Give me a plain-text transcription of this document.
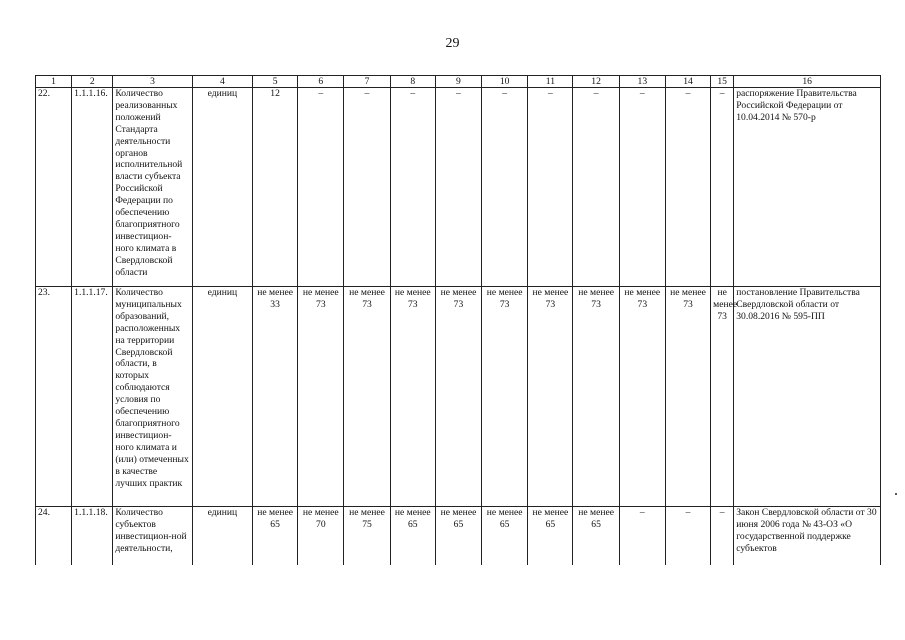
29
1	2	3	4	5	6	7	8	9	10	11	12	13	14	15	16
22.	1.1.1.16.	Количество реализованных положений Стандарта деятельности органов исполнительной власти субъекта Российской Федерации по обеспечению благоприятного инвестицион-ного климата в Свердловской области	единиц	12	–	–	–	–	–	–	–	–	–	–	распоряжение Правительства Российской Федерации от 10.04.2014 № 570-р
23.	1.1.1.17.	Количество муниципальных образований, расположенных на территории Свердловской области, в которых соблюдаются условия по обеспечению благоприятного инвестицион-ного климата и (или) отмеченных в качестве лучших практик	единиц	не менее 33	не менее 73	не менее 73	не менее 73	не менее 73	не менее 73	не менее 73	не менее 73	не менее 73	не менее 73	не менее 73	постановление Правительства Свердловской области от 30.08.2016 № 595-ПП
24.	1.1.1.18.	Количество субъектов инвестицион-ной деятельности,	единиц	не менее 65	не менее 70	не менее 75	не менее 65	не менее 65	не менее 65	не менее 65	не менее 65	–	–	–	Закон Свердловской области от 30 июня 2006 года № 43-ОЗ «О государственной поддержке субъектов
